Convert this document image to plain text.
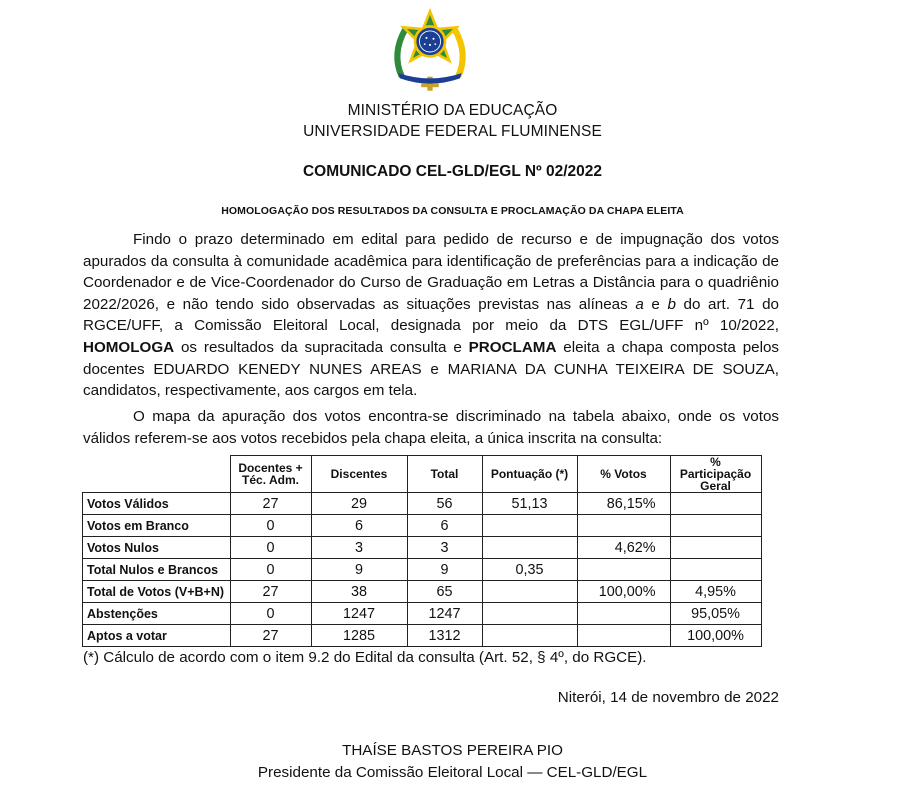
MINISTÉRIO DA EDUCAÇÃO
UNIVERSIDADE FEDERAL FLUMINENSE
COMUNICADO CEL-GLD/EGL Nº 02/2022
HOMOLOGAÇÃO DOS RESULTADOS DA CONSULTA E PROCLAMAÇÃO DA CHAPA ELEITA
Findo o prazo determinado em edital para pedido de recurso e de impugnação dos votos apurados da consulta à comunidade acadêmica para identificação de preferências para a indicação de Coordenador e de Vice-Coordenador do Curso de Graduação em Letras a Distância para o quadriênio 2022/2026, e não tendo sido observadas as situações previstas nas alíneas a e b do art. 71 do RGCE/UFF, a Comissão Eleitoral Local, designada por meio da DTS EGL/UFF nº 10/2022, HOMOLOGA os resultados da supracitada consulta e PROCLAMA eleita a chapa composta pelos docentes EDUARDO KENEDY NUNES AREAS e MARIANA DA CUNHA TEIXEIRA DE SOUZA, candidatos, respectivamente, aos cargos em tela.
O mapa da apuração dos votos encontra-se discriminado na tabela abaixo, onde os votos válidos referem-se aos votos recebidos pela chapa eleita, a única inscrita na consulta:
	Docentes + Téc. Adm.	Discentes	Total	Pontuação (*)	% Votos	% Participação Geral
Votos Válidos	27	29	56	51,13	86,15%	
Votos em Branco	0	6	6			
Votos Nulos	0	3	3		4,62%	
Total Nulos e Brancos	0	9	9	0,35		
Total de Votos (V+B+N)	27	38	65		100,00%	4,95%
Abstenções	0	1247	1247			95,05%
Aptos a votar	27	1285	1312			100,00%
(*) Cálculo de acordo com o item 9.2 do Edital da consulta (Art. 52, § 4º, do RGCE).
Niterói, 14 de novembro de 2022
THAÍSE BASTOS PEREIRA PIO
Presidente da Comissão Eleitoral Local — CEL-GLD/EGL
